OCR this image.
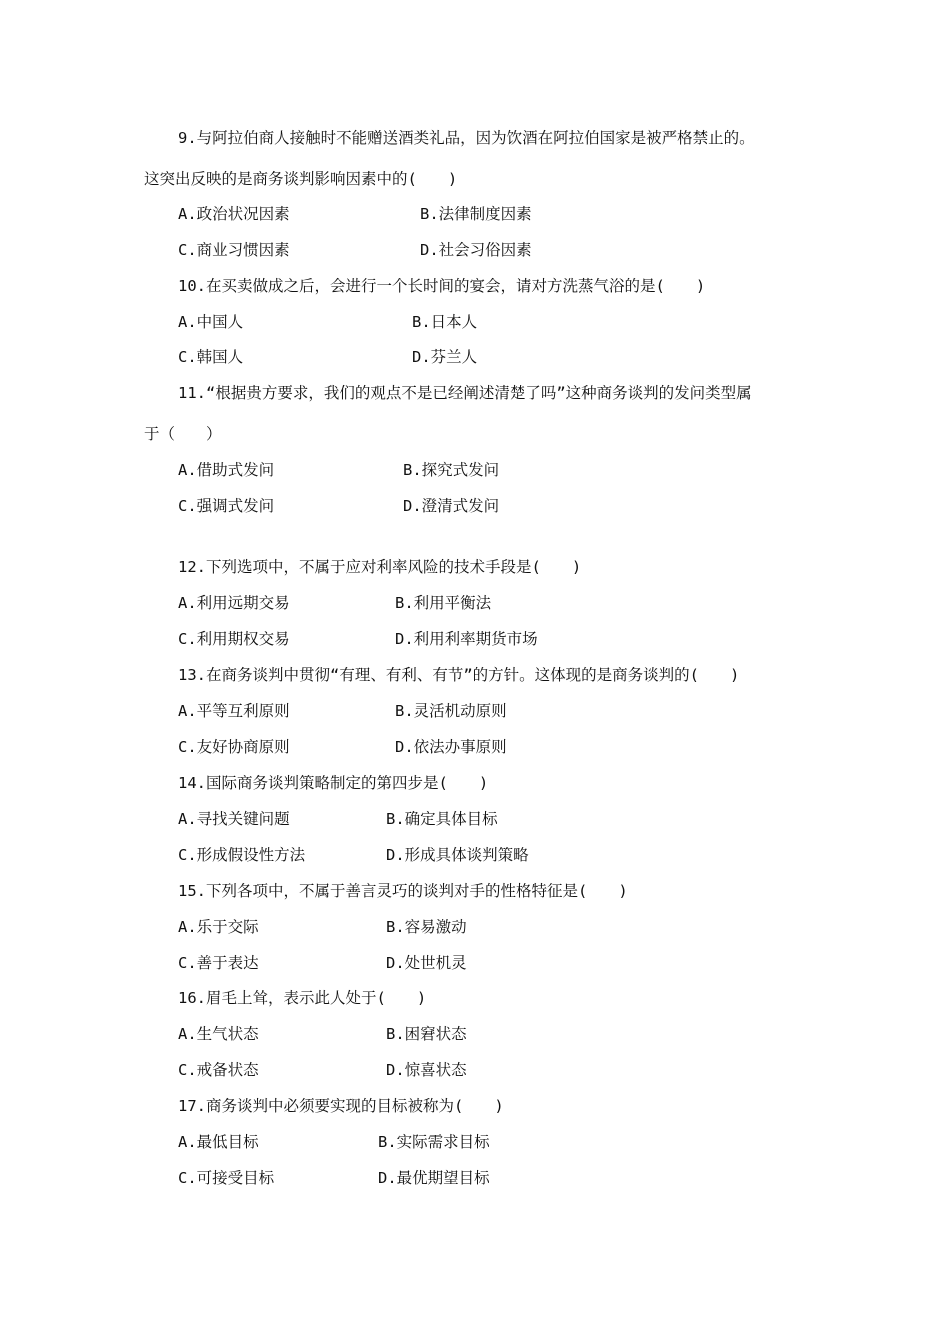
9.与阿拉伯商人接触时不能赠送酒类礼品，因为饮酒在阿拉伯国家是被严格禁止的。
这突出反映的是商务谈判影响因素中的(　　)
A.政治状况因素	B.法律制度因素
C.商业习惯因素	D.社会习俗因素
10.在买卖做成之后，会进行一个长时间的宴会，请对方洗蒸气浴的是(　　)
A.中国人	B.日本人
C.韩国人	D.芬兰人
11.“根据贵方要求，我们的观点不是已经阐述清楚了吗”这种商务谈判的发问类型属
于（　　）
A.借助式发问	B.探究式发问
C.强调式发问	D.澄清式发问
12.下列选项中，不属于应对利率风险的技术手段是(　　)
A.利用远期交易	B.利用平衡法
C.利用期权交易	D.利用利率期货市场
13.在商务谈判中贯彻“有理、有利、有节”的方针。这体现的是商务谈判的(　　)
A.平等互利原则	B.灵活机动原则
C.友好协商原则	D.依法办事原则
14.国际商务谈判策略制定的第四步是(　　)
A.寻找关键问题	B.确定具体目标
C.形成假设性方法	D.形成具体谈判策略
15.下列各项中，不属于善言灵巧的谈判对手的性格特征是(　　)
A.乐于交际	B.容易激动
C.善于表达	D.处世机灵
16.眉毛上耸，表示此人处于(　　)
A.生气状态	B.困窘状态
C.戒备状态	D.惊喜状态
17.商务谈判中必须要实现的目标被称为(　　)
A.最低目标	B.实际需求目标
C.可接受目标	D.最优期望目标
